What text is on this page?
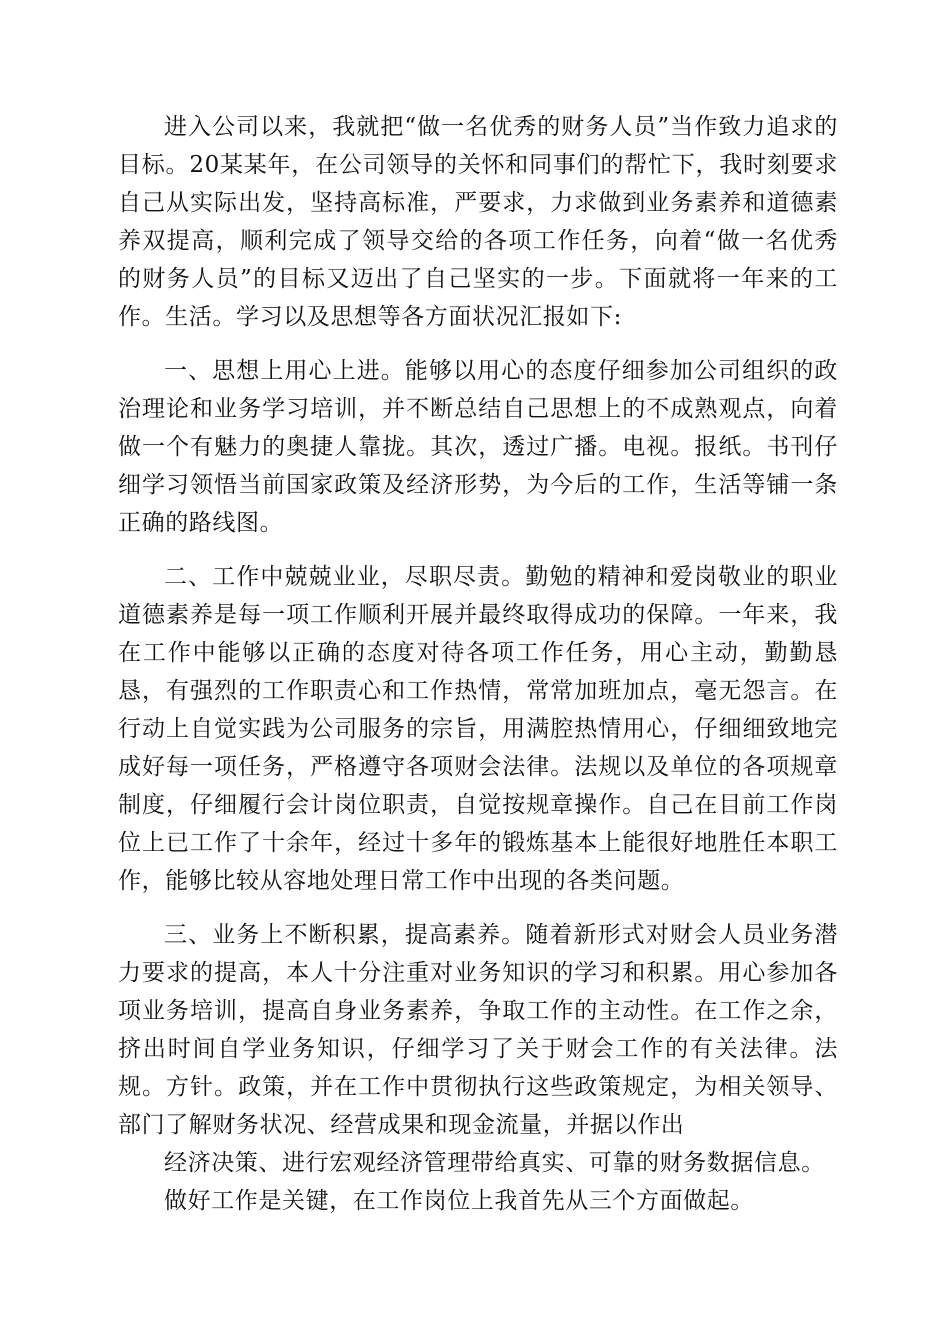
进入公司以来，我就把“做一名优秀的财务人员”当作致力追求的目标。20某某年，在公司领导的关怀和同事们的帮忙下，我时刻要求自己从实际出发，坚持高标准，严要求，力求做到业务素养和道德素养双提高，顺利完成了领导交给的各项工作任务，向着“做一名优秀的财务人员”的目标又迈出了自己坚实的一步。下面就将一年来的工作。生活。学习以及思想等各方面状况汇报如下:

一、思想上用心上进。能够以用心的态度仔细参加公司组织的政治理论和业务学习培训，并不断总结自己思想上的不成熟观点，向着做一个有魅力的奥捷人靠拢。其次，透过广播。电视。报纸。书刊仔细学习领悟当前国家政策及经济形势，为今后的工作，生活等铺一条正确的路线图。

二、工作中兢兢业业，尽职尽责。勤勉的精神和爱岗敬业的职业道德素养是每一项工作顺利开展并最终取得成功的保障。一年来，我在工作中能够以正确的态度对待各项工作任务，用心主动，勤勤恳恳，有强烈的工作职责心和工作热情，常常加班加点，毫无怨言。在行动上自觉实践为公司服务的宗旨，用满腔热情用心，仔细细致地完成好每一项任务，严格遵守各项财会法律。法规以及单位的各项规章制度，仔细履行会计岗位职责，自觉按规章操作。自己在目前工作岗位上已工作了十余年，经过十多年的锻炼基本上能很好地胜任本职工作，能够比较从容地处理日常工作中出现的各类问题。

三、业务上不断积累，提高素养。随着新形式对财会人员业务潜力要求的提高，本人十分注重对业务知识的学习和积累。用心参加各项业务培训，提高自身业务素养，争取工作的主动性。在工作之余，挤出时间自学业务知识，仔细学习了关于财会工作的有关法律。法规。方针。政策，并在工作中贯彻执行这些政策规定，为相关领导、部门了解财务状况、经营成果和现金流量，并据以作出

经济决策、进行宏观经济管理带给真实、可靠的财务数据信息。

做好工作是关键，在工作岗位上我首先从三个方面做起。
